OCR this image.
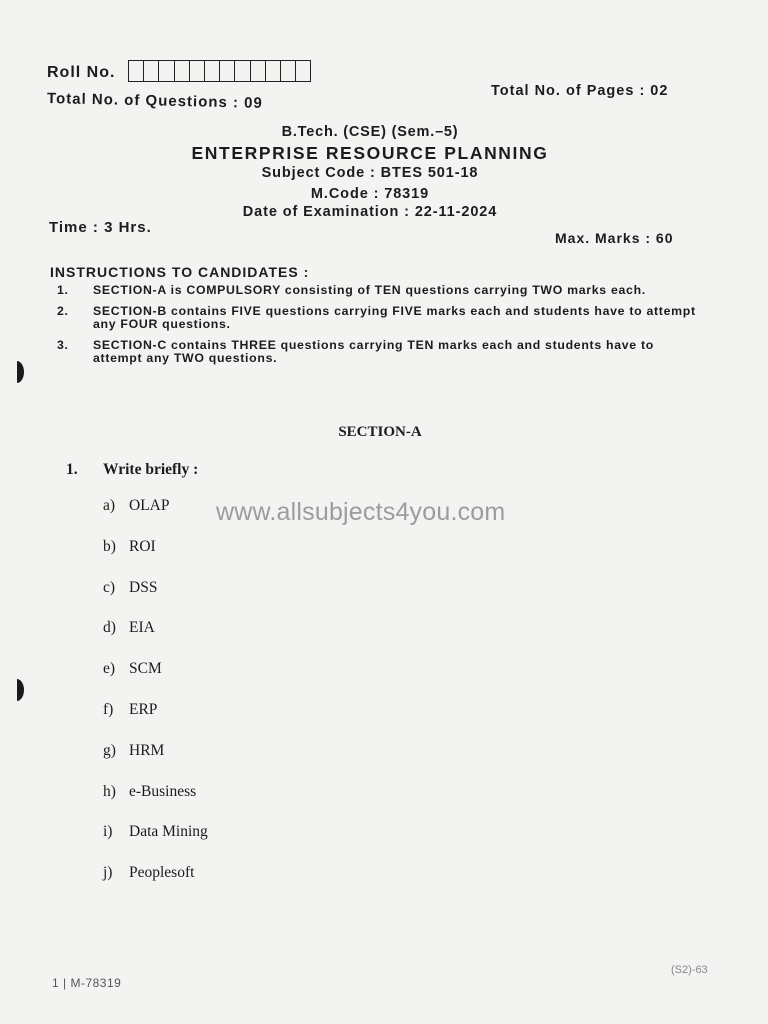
Roll No.
Total No. of Questions : 09	Total No. of Pages : 02
B.Tech. (CSE) (Sem.–5)
ENTERPRISE RESOURCE PLANNING
Subject Code : BTES 501-18
M.Code : 78319
Date of Examination : 22-11-2024
Time : 3 Hrs.
Max. Marks : 60
INSTRUCTIONS TO CANDIDATES :
1.	SECTION-A is COMPULSORY consisting of TEN questions carrying TWO marks each.
2.	SECTION-B contains FIVE questions carrying FIVE marks each and students have to attempt any FOUR questions.
3.	SECTION-C contains THREE questions carrying TEN marks each and students have to attempt any TWO questions.
SECTION-A
1. Write briefly :
a) OLAP
b) ROI
c) DSS
d) EIA
e) SCM
f)	ERP
g) HRM
h) e-Business
i)	Data Mining
j)	Peoplesoft
www.allsubjects4you.com
1 | M-78319
(S2)-63
